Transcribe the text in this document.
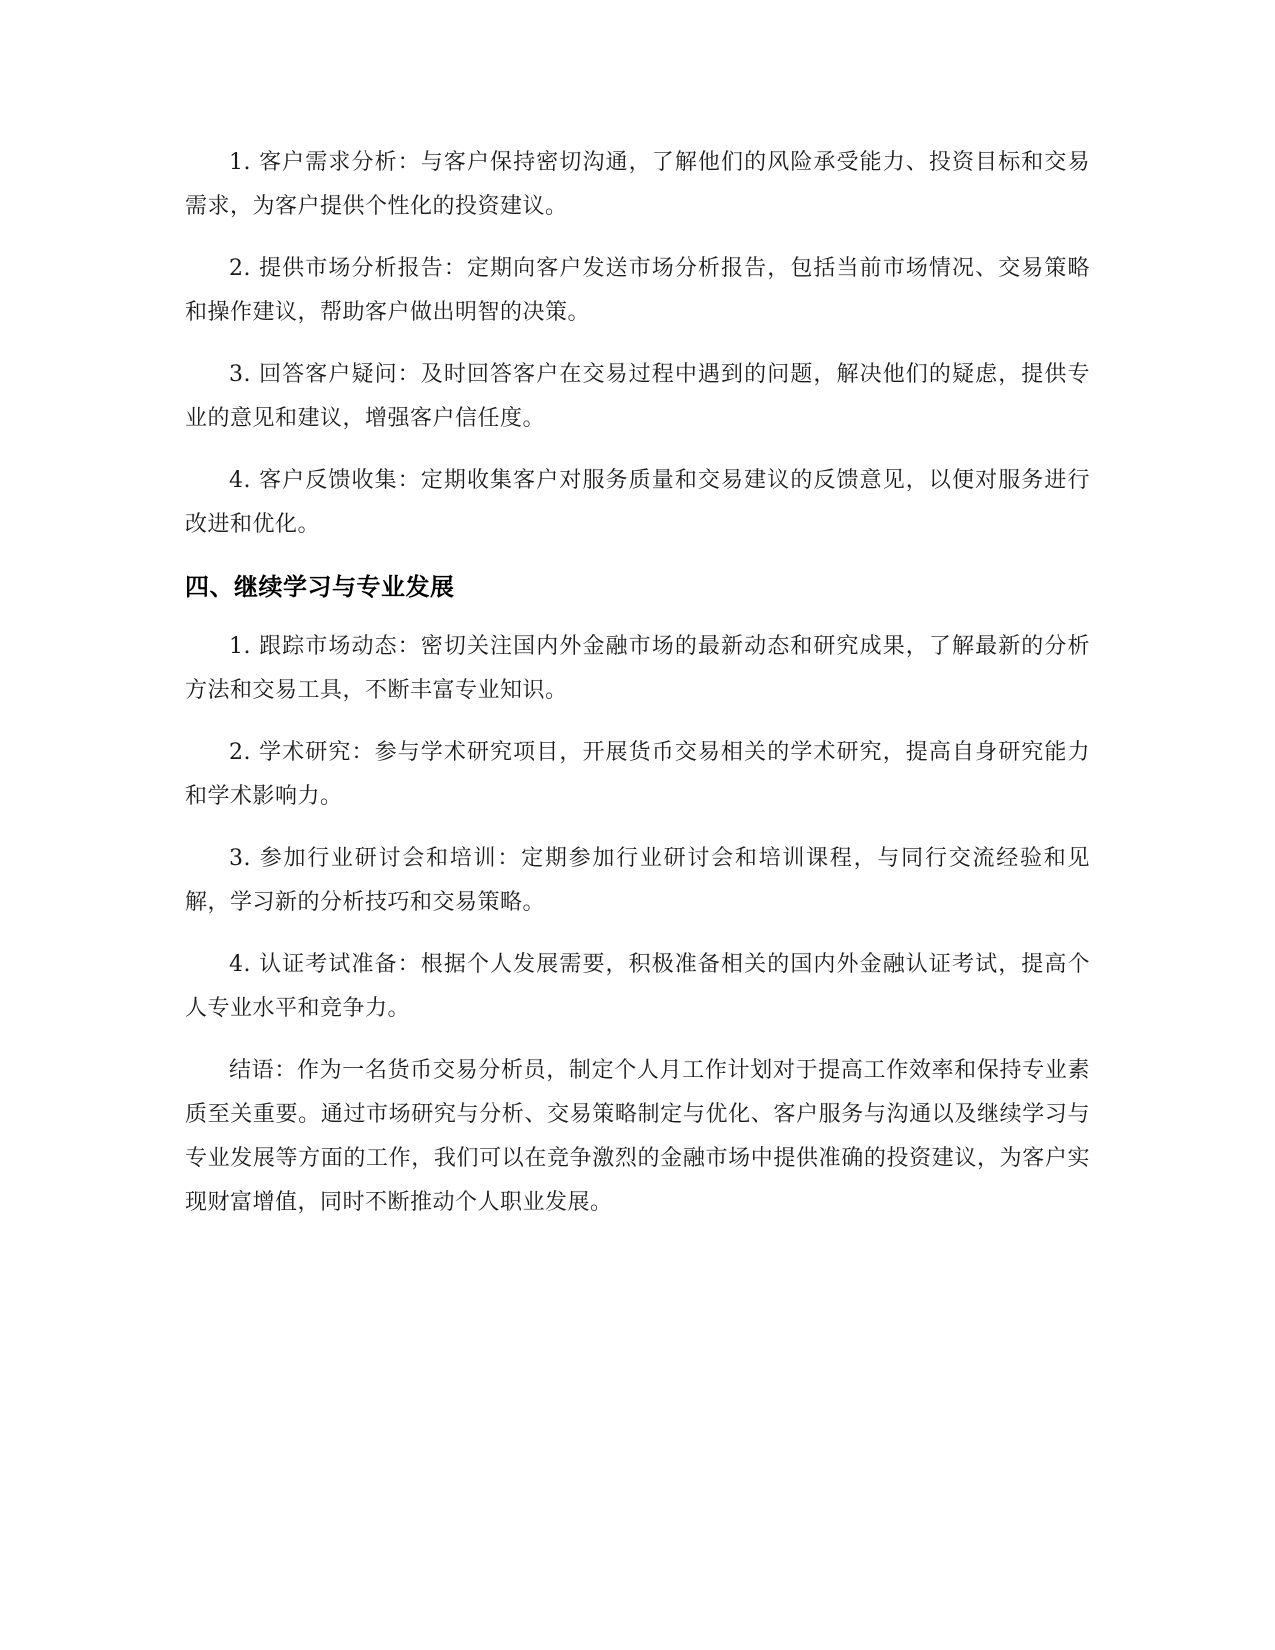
1. 客户需求分析：与客户保持密切沟通，了解他们的风险承受能力、投资目标和交易需求，为客户提供个性化的投资建议。

2. 提供市场分析报告：定期向客户发送市场分析报告，包括当前市场情况、交易策略和操作建议，帮助客户做出明智的决策。

3. 回答客户疑问：及时回答客户在交易过程中遇到的问题，解决他们的疑虑，提供专业的意见和建议，增强客户信任度。

4. 客户反馈收集：定期收集客户对服务质量和交易建议的反馈意见，以便对服务进行改进和优化。

四、继续学习与专业发展

1. 跟踪市场动态：密切关注国内外金融市场的最新动态和研究成果，了解最新的分析方法和交易工具，不断丰富专业知识。

2. 学术研究：参与学术研究项目，开展货币交易相关的学术研究，提高自身研究能力和学术影响力。

3. 参加行业研讨会和培训：定期参加行业研讨会和培训课程，与同行交流经验和见解，学习新的分析技巧和交易策略。

4. 认证考试准备：根据个人发展需要，积极准备相关的国内外金融认证考试，提高个人专业水平和竞争力。

结语：作为一名货币交易分析员，制定个人月工作计划对于提高工作效率和保持专业素质至关重要。通过市场研究与分析、交易策略制定与优化、客户服务与沟通以及继续学习与专业发展等方面的工作，我们可以在竞争激烈的金融市场中提供准确的投资建议，为客户实现财富增值，同时不断推动个人职业发展。
